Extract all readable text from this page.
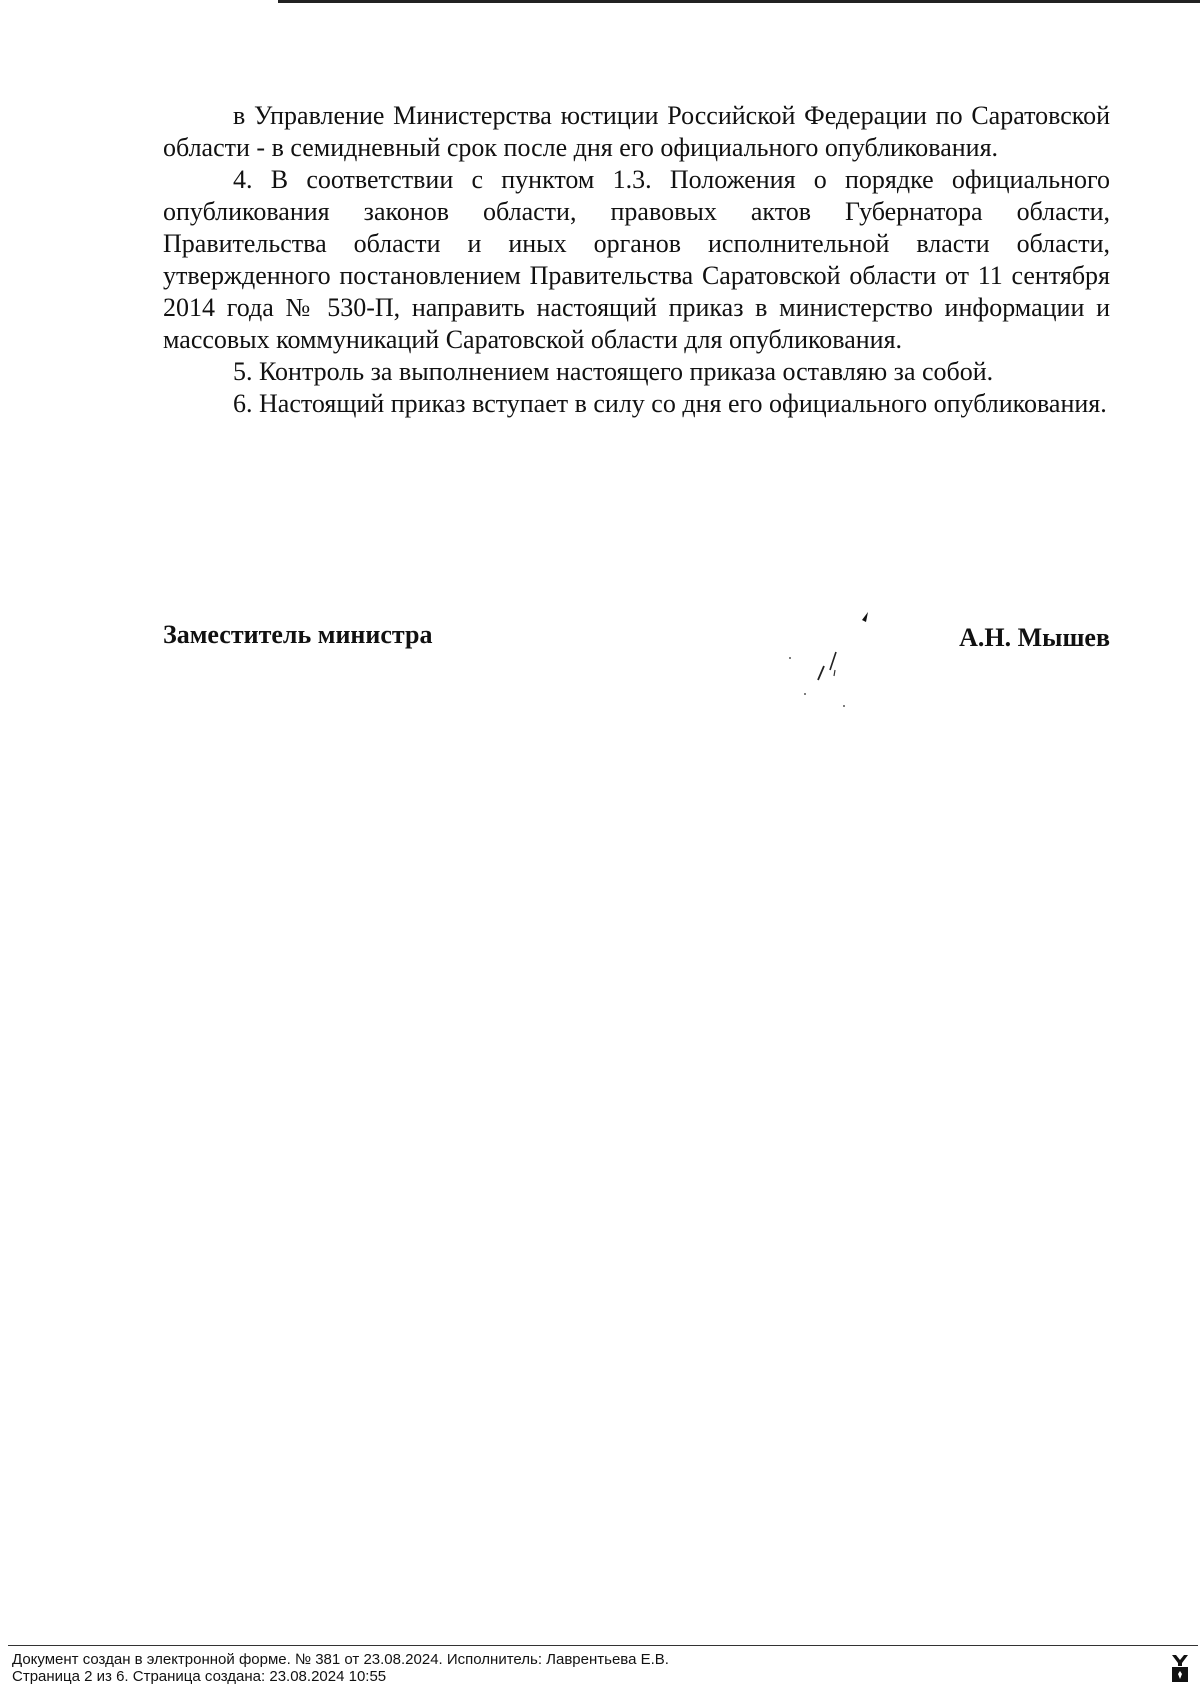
в Управление Министерства юстиции Российской Федерации по Саратовской области - в семидневный срок после дня его официального опубликования.

4. В соответствии с пунктом 1.3. Положения о порядке официального опубликования законов области, правовых актов Губернатора области, Правительства области и иных органов исполнительной власти области, утвержденного постановлением Правительства Саратовской области от 11 сентября 2014 года № 530-П, направить настоящий приказ в министерство информации и массовых коммуникаций Саратовской области для опубликования.

5. Контроль за выполнением настоящего приказа оставляю за собой.

6. Настоящий приказ вступает в силу со дня его официального опубликования.

Заместитель министра	А.Н. Мышев
Документ создан в электронной форме. № 381 от 23.08.2024. Исполнитель: Лаврентьева Е.В.
Страница 2 из 6. Страница создана: 23.08.2024 10:55
